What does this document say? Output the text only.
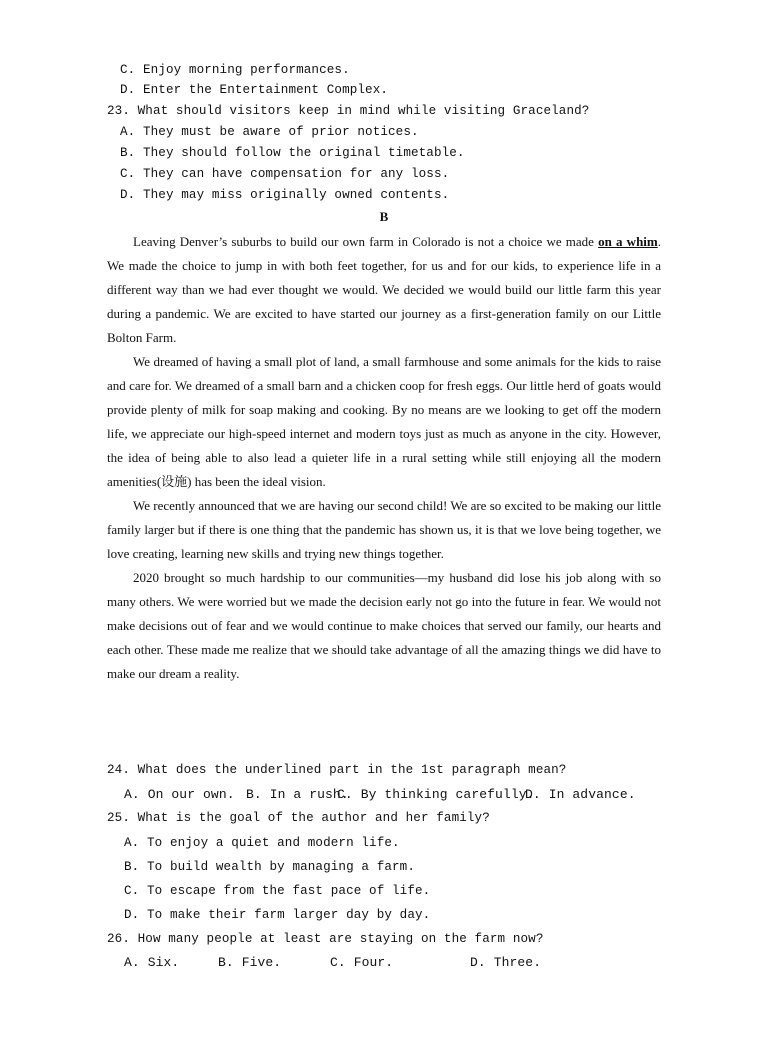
C. Enjoy morning performances.
D. Enter the Entertainment Complex.
23. What should visitors keep in mind while visiting Graceland?
A. They must be aware of prior notices.
B. They should follow the original timetable.
C. They can have compensation for any loss.
D. They may miss originally owned contents.
B

Leaving Denver’s suburbs to build our own farm in Colorado is not a choice we made on a whim. We made the choice to jump in with both feet together, for us and for our kids, to experience life in a different way than we had ever thought we would. We decided we would build our little farm this year during a pandemic. We are excited to have started our journey as a first-generation family on our Little Bolton Farm.

We dreamed of having a small plot of land, a small farmhouse and some animals for the kids to raise and care for. We dreamed of a small barn and a chicken coop for fresh eggs. Our little herd of goats would provide plenty of milk for soap making and cooking. By no means are we looking to get off the modern life, we appreciate our high-speed internet and modern toys just as much as anyone in the city. However, the idea of being able to also lead a quieter life in a rural setting while still enjoying all the modern amenities(设施) has been the ideal vision.

We recently announced that we are having our second child! We are so excited to be making our little family larger but if there is one thing that the pandemic has shown us, it is that we love being together, we love creating, learning new skills and trying new things together.

2020 brought so much hardship to our communities—my husband did lose his job along with so many others. We were worried but we made the decision early not go into the future in fear. We would not make decisions out of fear and we would continue to make choices that served our family, our hearts and each other. These made me realize that we should take advantage of all the amazing things we did have to make our dream a reality.

24. What does the underlined part in the 1st paragraph mean?
A. On our own. B. In a rush.C. By thinking carefully.D. In advance.
25. What is the goal of the author and her family?
A. To enjoy a quiet and modern life.
B. To build wealth by managing a farm.
C. To escape from the fast pace of life.
D. To make their farm larger day by day.
26. How many people at least are staying on the farm now?
A. Six.	B. Five.	C. Four.	D. Three.
